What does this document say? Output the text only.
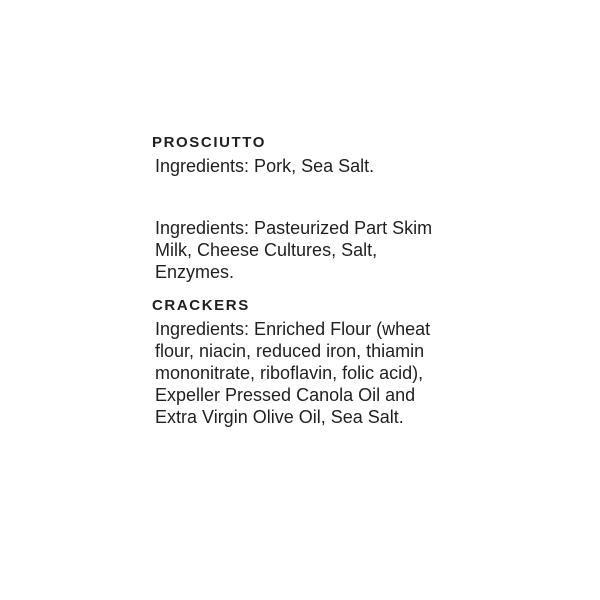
PROSCIUTTO

Ingredients: Pork, Sea Salt.

Ingredients: Pasteurized Part Skim
Milk, Cheese Cultures, Salt,
Enzymes.

CRACKERS

Ingredients: Enriched Flour (wheat
flour, niacin, reduced iron, thiamin
mononitrate, riboflavin, folic acid),
Expeller Pressed Canola Oil and
Extra Virgin Olive Oil, Sea Salt.
